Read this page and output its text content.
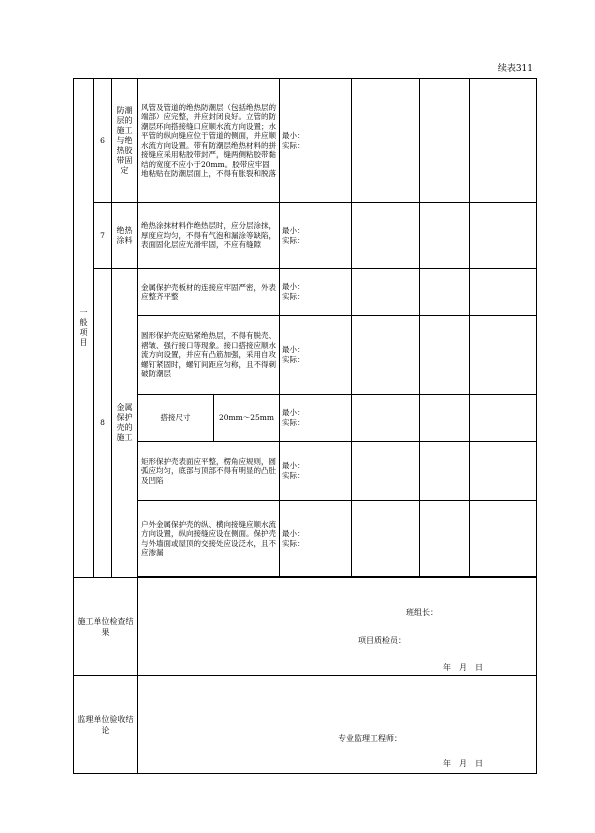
续表311
一般项目	6	防潮层的施工与绝热胶带固定	风管及管道的绝热防潮层（包括绝热层的端部）应完整，并应封闭良好。立管的防潮层环向搭接缝口应顺水流方向设置；水平管的纵向缝应位于管道的侧面，并应顺水流方向设置。带有防潮层绝热材料的拼接缝应采用粘胶带封严，缝两侧粘胶带黏结的宽度不应小于20mm。胶带应牢固地粘贴在防潮层面上，不得有胀裂和脱落		最小：
实际：			

	7	绝热涂料	绝热涂抹材料作绝热层时，应分层涂抹，厚度应均匀，不得有气泡和漏涂等缺陷，表面固化层应光滑牢固，不应有缝隙		最小：
实际：			

	8	金属保护壳的施工	金属保护壳板材的连接应牢固严密，外表应整齐平整		最小：
实际：			

			圆形保护壳应贴紧绝热层，不得有脱壳、褶皱、强行接口等现象。接口搭接应顺水流方向设置，并应有凸筋加强，采用自攻螺钉紧固时，螺钉间距应匀称，且不得刺破防潮层		最小：
实际：			

			搭接尺寸	20mm～25mm	最小：
实际：			

			矩形保护壳表面应平整，楞角应规则，圆弧应均匀，底部与顶部不得有明显的凸肚及凹陷		最小：
实际：			

			户外金属保护壳的纵、横向接缝应顺水流方向设置，纵向接缝应设在侧面。保护壳与外墙面或屋顶的交接处应设泛水，且不应渗漏		最小：
实际：			

施工单位检查结果			班组长：
项目质检员：
年　月　日					

监理单位验收结论			专业监理工程师：
年　月　日					
